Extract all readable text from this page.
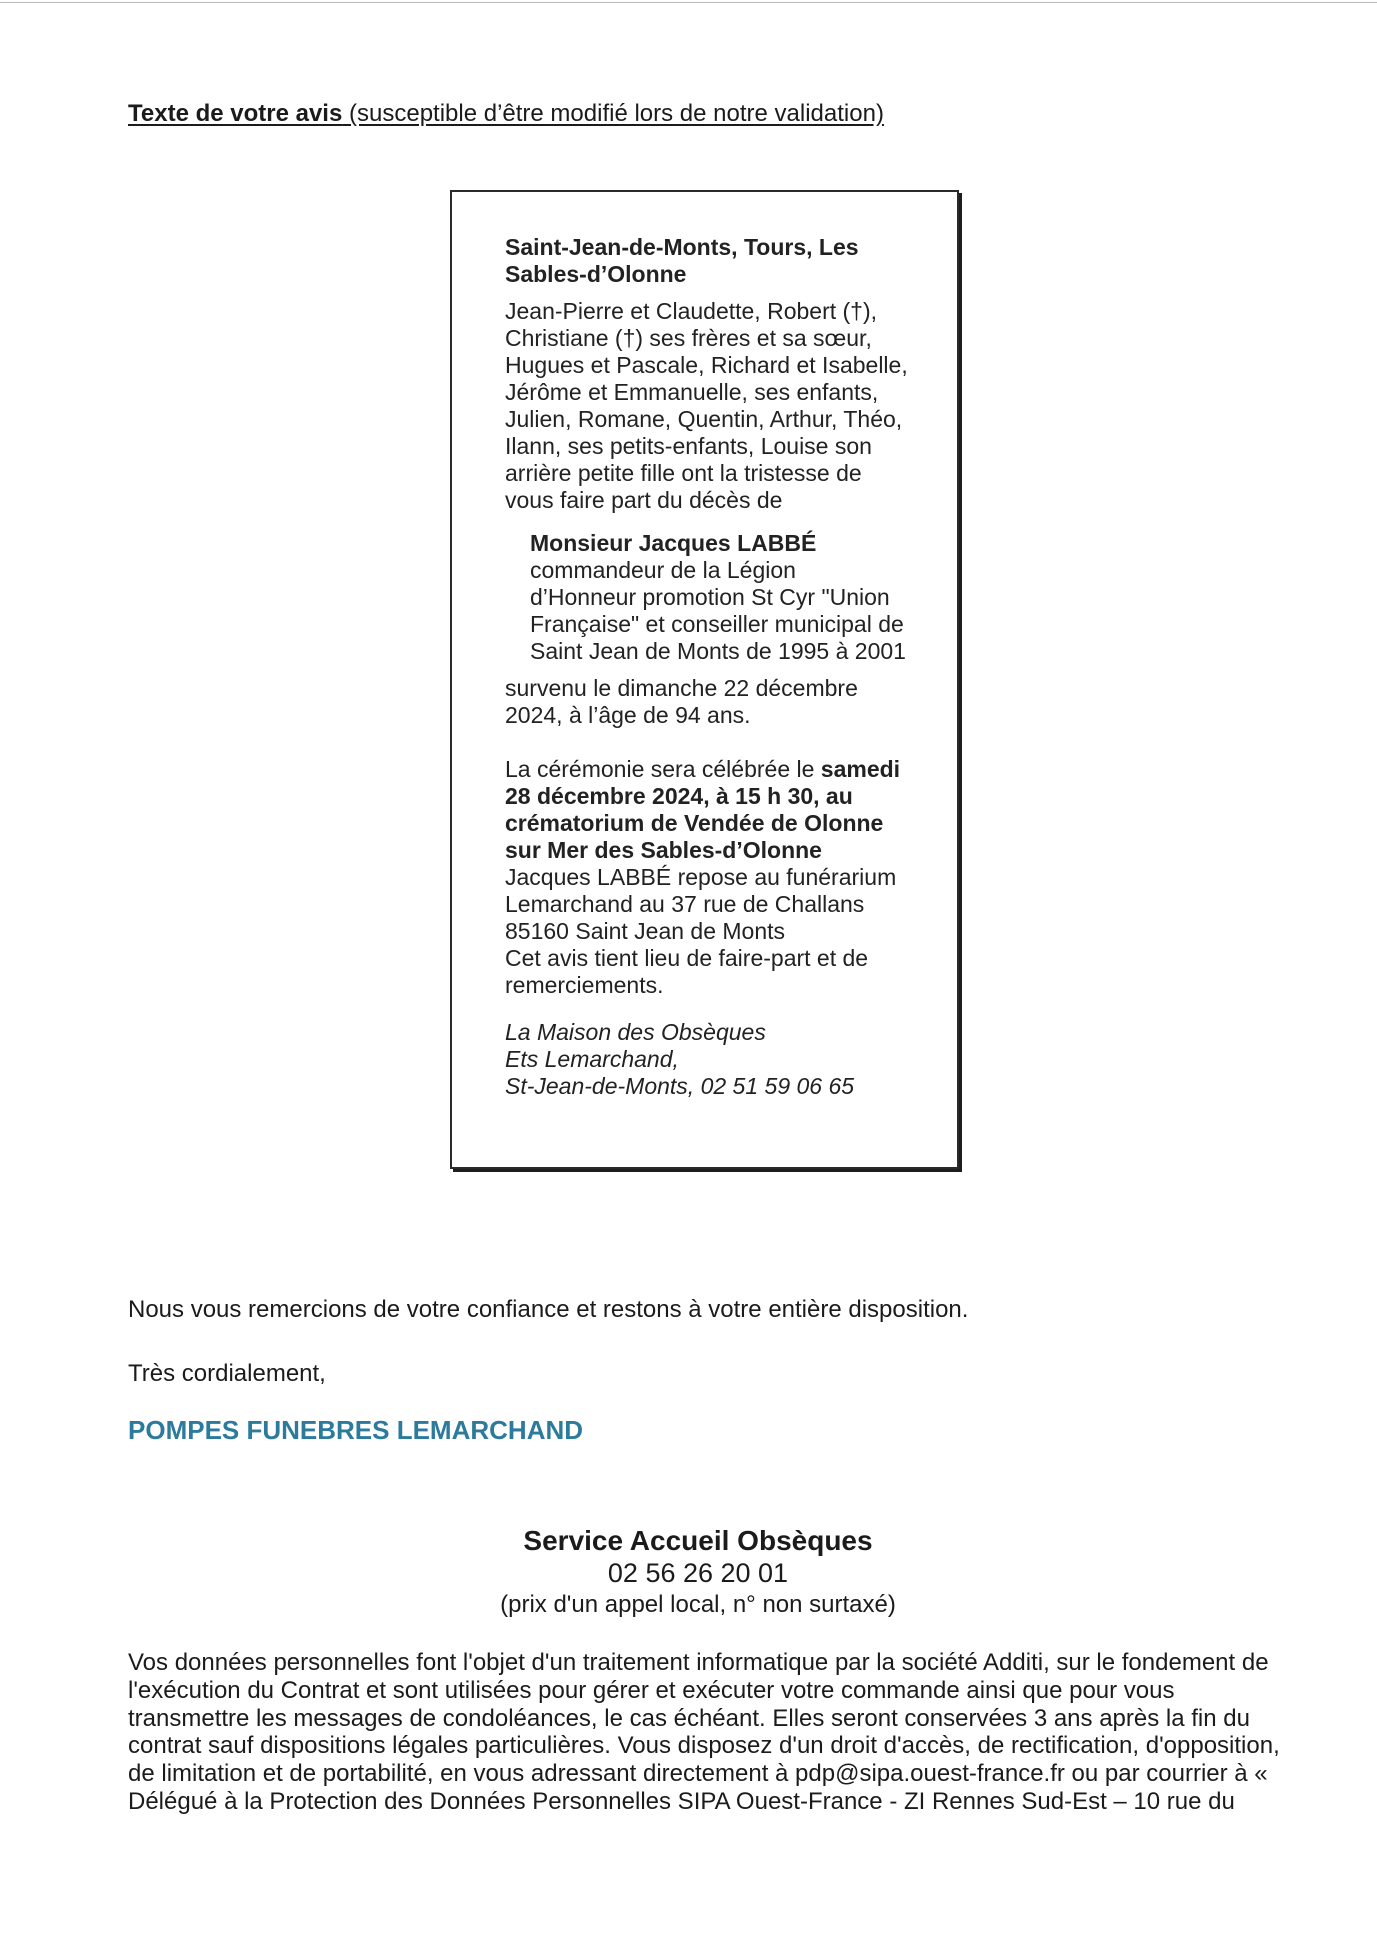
Texte de votre avis (susceptible d’être modifié lors de notre validation)
Saint-Jean-de-Monts, Tours, Les
Sables-d’Olonne
Jean-Pierre et Claudette, Robert (†),
Christiane (†) ses frères et sa sœur,
Hugues et Pascale, Richard et Isabelle,
Jérôme et Emmanuelle, ses enfants,
Julien, Romane, Quentin, Arthur, Théo,
Ilann, ses petits-enfants, Louise son
arrière petite fille ont la tristesse de
vous faire part du décès de
Monsieur Jacques LABBÉ
commandeur de la Légion
d’Honneur promotion St Cyr "Union
Française" et conseiller municipal de
Saint Jean de Monts de 1995 à 2001
survenu le dimanche 22 décembre
2024, à l’âge de 94 ans.
La cérémonie sera célébrée le samedi
28 décembre 2024, à 15 h 30, au
crématorium de Vendée de Olonne
sur Mer des Sables-d’Olonne
Jacques LABBÉ repose au funérarium
Lemarchand au 37 rue de Challans
85160 Saint Jean de Monts
Cet avis tient lieu de faire-part et de
remerciements.
La Maison des Obsèques
Ets Lemarchand,
St-Jean-de-Monts, 02 51 59 06 65
Nous vous remercions de votre confiance et restons à votre entière disposition.
Très cordialement,
POMPES FUNEBRES LEMARCHAND
Service Accueil Obsèques
02 56 26 20 01
(prix d'un appel local, n° non surtaxé)
Vos données personnelles font l'objet d'un traitement informatique par la société Additi, sur le fondement de
l'exécution du Contrat et sont utilisées pour gérer et exécuter votre commande ainsi que pour vous
transmettre les messages de condoléances, le cas échéant. Elles seront conservées 3 ans après la fin du
contrat sauf dispositions légales particulières. Vous disposez d'un droit d'accès, de rectification, d'opposition,
de limitation et de portabilité, en vous adressant directement à pdp@sipa.ouest-france.fr ou par courrier à «
Délégué à la Protection des Données Personnelles SIPA Ouest-France - ZI Rennes Sud-Est – 10 rue du
